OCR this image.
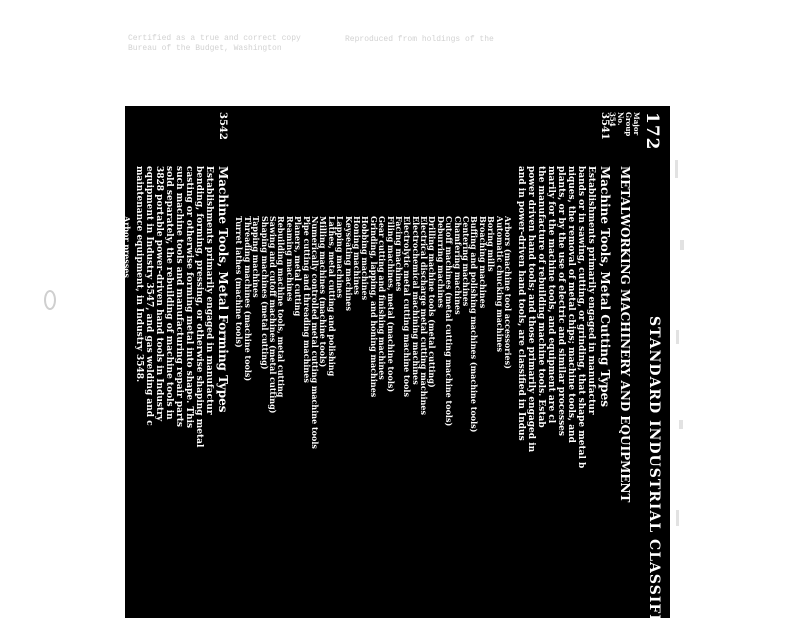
Certified as a true and correct copy
Bureau of the Budget, Washington
Reproduced from holdings of the
172
STANDARD INDUSTRIAL CLASSIFIC
Major
Group
No.
354
METALWORKING MACHINERY AND EQUIPMENT
3541
Machine Tools, Metal Cutting Types
Establishments primarily engaged in manufactur
bands or in sawing, cutting, or grinding, that shape metal b
niques, the removal of metal chips; machine tools, and
plants, or by the use of electric and similar processes
marily for the machine tools, and equipment are cl
the manufacture of rebuilding machine tools. Estab
power driven hand tools; and those primarily engaged in
and in power-driven hand tools, are classified in Indus
Arbors (machine tool accessories)
Automatic chucking machines
Boring mills
Broaching machines
Buffing and polishing machines (machine tools)
Centering machines
Chamfering machines
Cutoff machines (metal cutting machine tools)
Deburring machines
Drilling machine tools (metal cutting)
Electrical discharge metal cutting machines
Electrochemical machining machines
Electrolytic metal cutting machine tools
Facing machines
Filing machines, metal (machine tools)
Gear cutting and finishing machines
Grinding, lapping, and honing machines
Hobbing machines
Honing machines
Keyseating machines
Lapping machines
Lathes, metal cutting and polishing
Milling machines (machine tools)
Numerically controlled metal cutting machine tools
Pipe cutting and threading machines
Planers, metal cutting
Reaming machines
Rebuilding machine tools, metal cutting
Sawing and cutoff machines (metal cutting)
Shaping machines (metal cutting)
Tapping machines
Threading machines (machine tools)
Turret lathes (machine tools)
3542
Machine Tools, Metal Forming Types
Establishments primarily engaged in manufactur
bending, forming, pressing, or otherwise shaping metal
casting or otherwise forming metal into shape. This
such machine tools and manufacturing repair parts
sold separately, the rebuilding of machine tools in
3828 portable power-driven hand tools in Industry
equipment in Industry 3547, and gas welding and c
maintenance equipment, in Industry 3548.
Arbor presses
Bending machines
Brakes, press
Bulldozers (metalworking machinery)
Crimping machines
Electroforming machines
Others
Other forming or stamping machines
